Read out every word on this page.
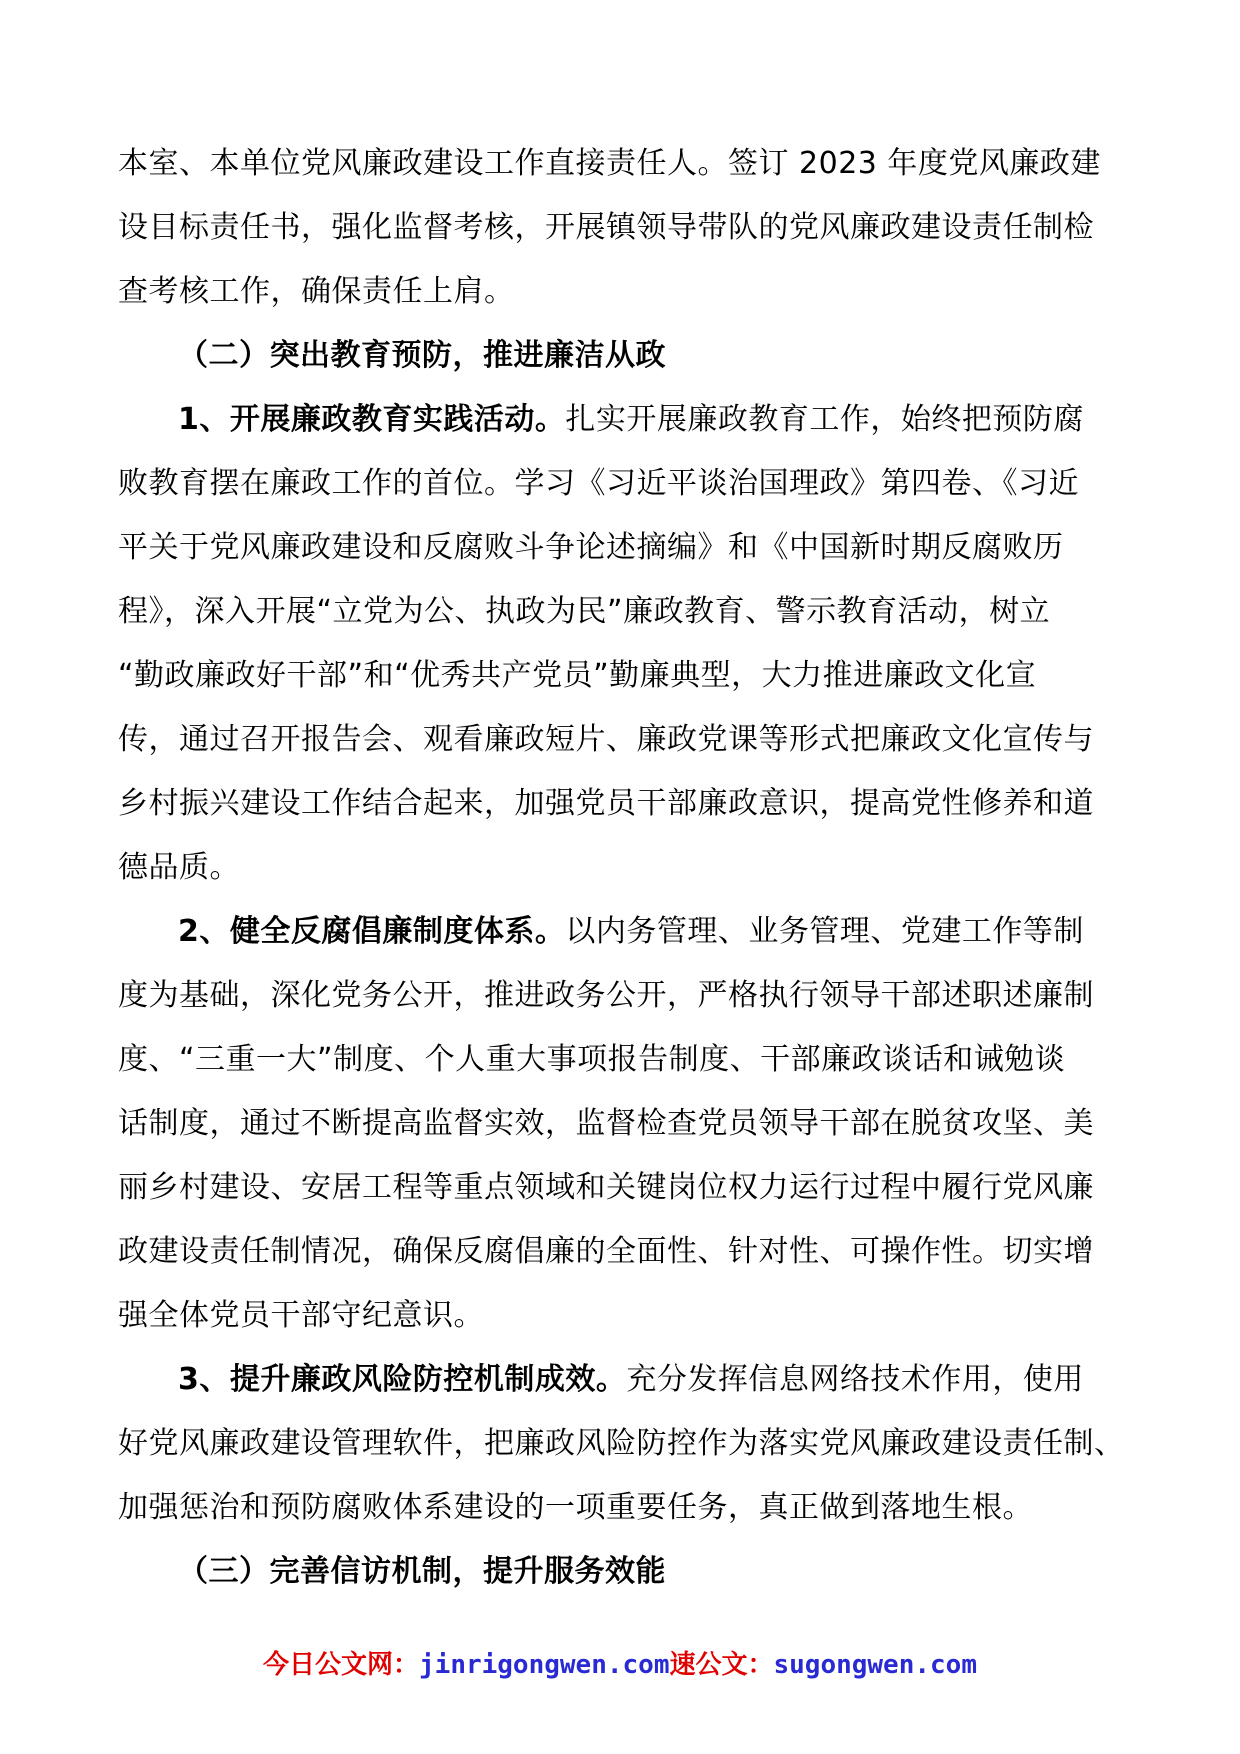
本室、本单位党风廉政建设工作直接责任人。签订 2023 年度党风廉政建
设目标责任书，强化监督考核，开展镇领导带队的党风廉政建设责任制检
查考核工作，确保责任上肩。
（二）突出教育预防，推进廉洁从政
1、开展廉政教育实践活动。扎实开展廉政教育工作，始终把预防腐
败教育摆在廉政工作的首位。学习《习近平谈治国理政》第四卷、《习近
平关于党风廉政建设和反腐败斗争论述摘编》和《中国新时期反腐败历
程》，深入开展“立党为公、执政为民”廉政教育、警示教育活动，树立
“勤政廉政好干部”和“优秀共产党员”勤廉典型，大力推进廉政文化宣
传，通过召开报告会、观看廉政短片、廉政党课等形式把廉政文化宣传与
乡村振兴建设工作结合起来，加强党员干部廉政意识，提高党性修养和道
德品质。
2、健全反腐倡廉制度体系。以内务管理、业务管理、党建工作等制
度为基础，深化党务公开，推进政务公开，严格执行领导干部述职述廉制
度、“三重一大”制度、个人重大事项报告制度、干部廉政谈话和诫勉谈
话制度，通过不断提高监督实效，监督检查党员领导干部在脱贫攻坚、美
丽乡村建设、安居工程等重点领域和关键岗位权力运行过程中履行党风廉
政建设责任制情况，确保反腐倡廉的全面性、针对性、可操作性。切实增
强全体党员干部守纪意识。
3、提升廉政风险防控机制成效。充分发挥信息网络技术作用，使用
好党风廉政建设管理软件，把廉政风险防控作为落实党风廉政建设责任制、
加强惩治和预防腐败体系建设的一项重要任务，真正做到落地生根。
（三）完善信访机制，提升服务效能
今日公文网：jinrigongwen.com速公文：sugongwen.com
